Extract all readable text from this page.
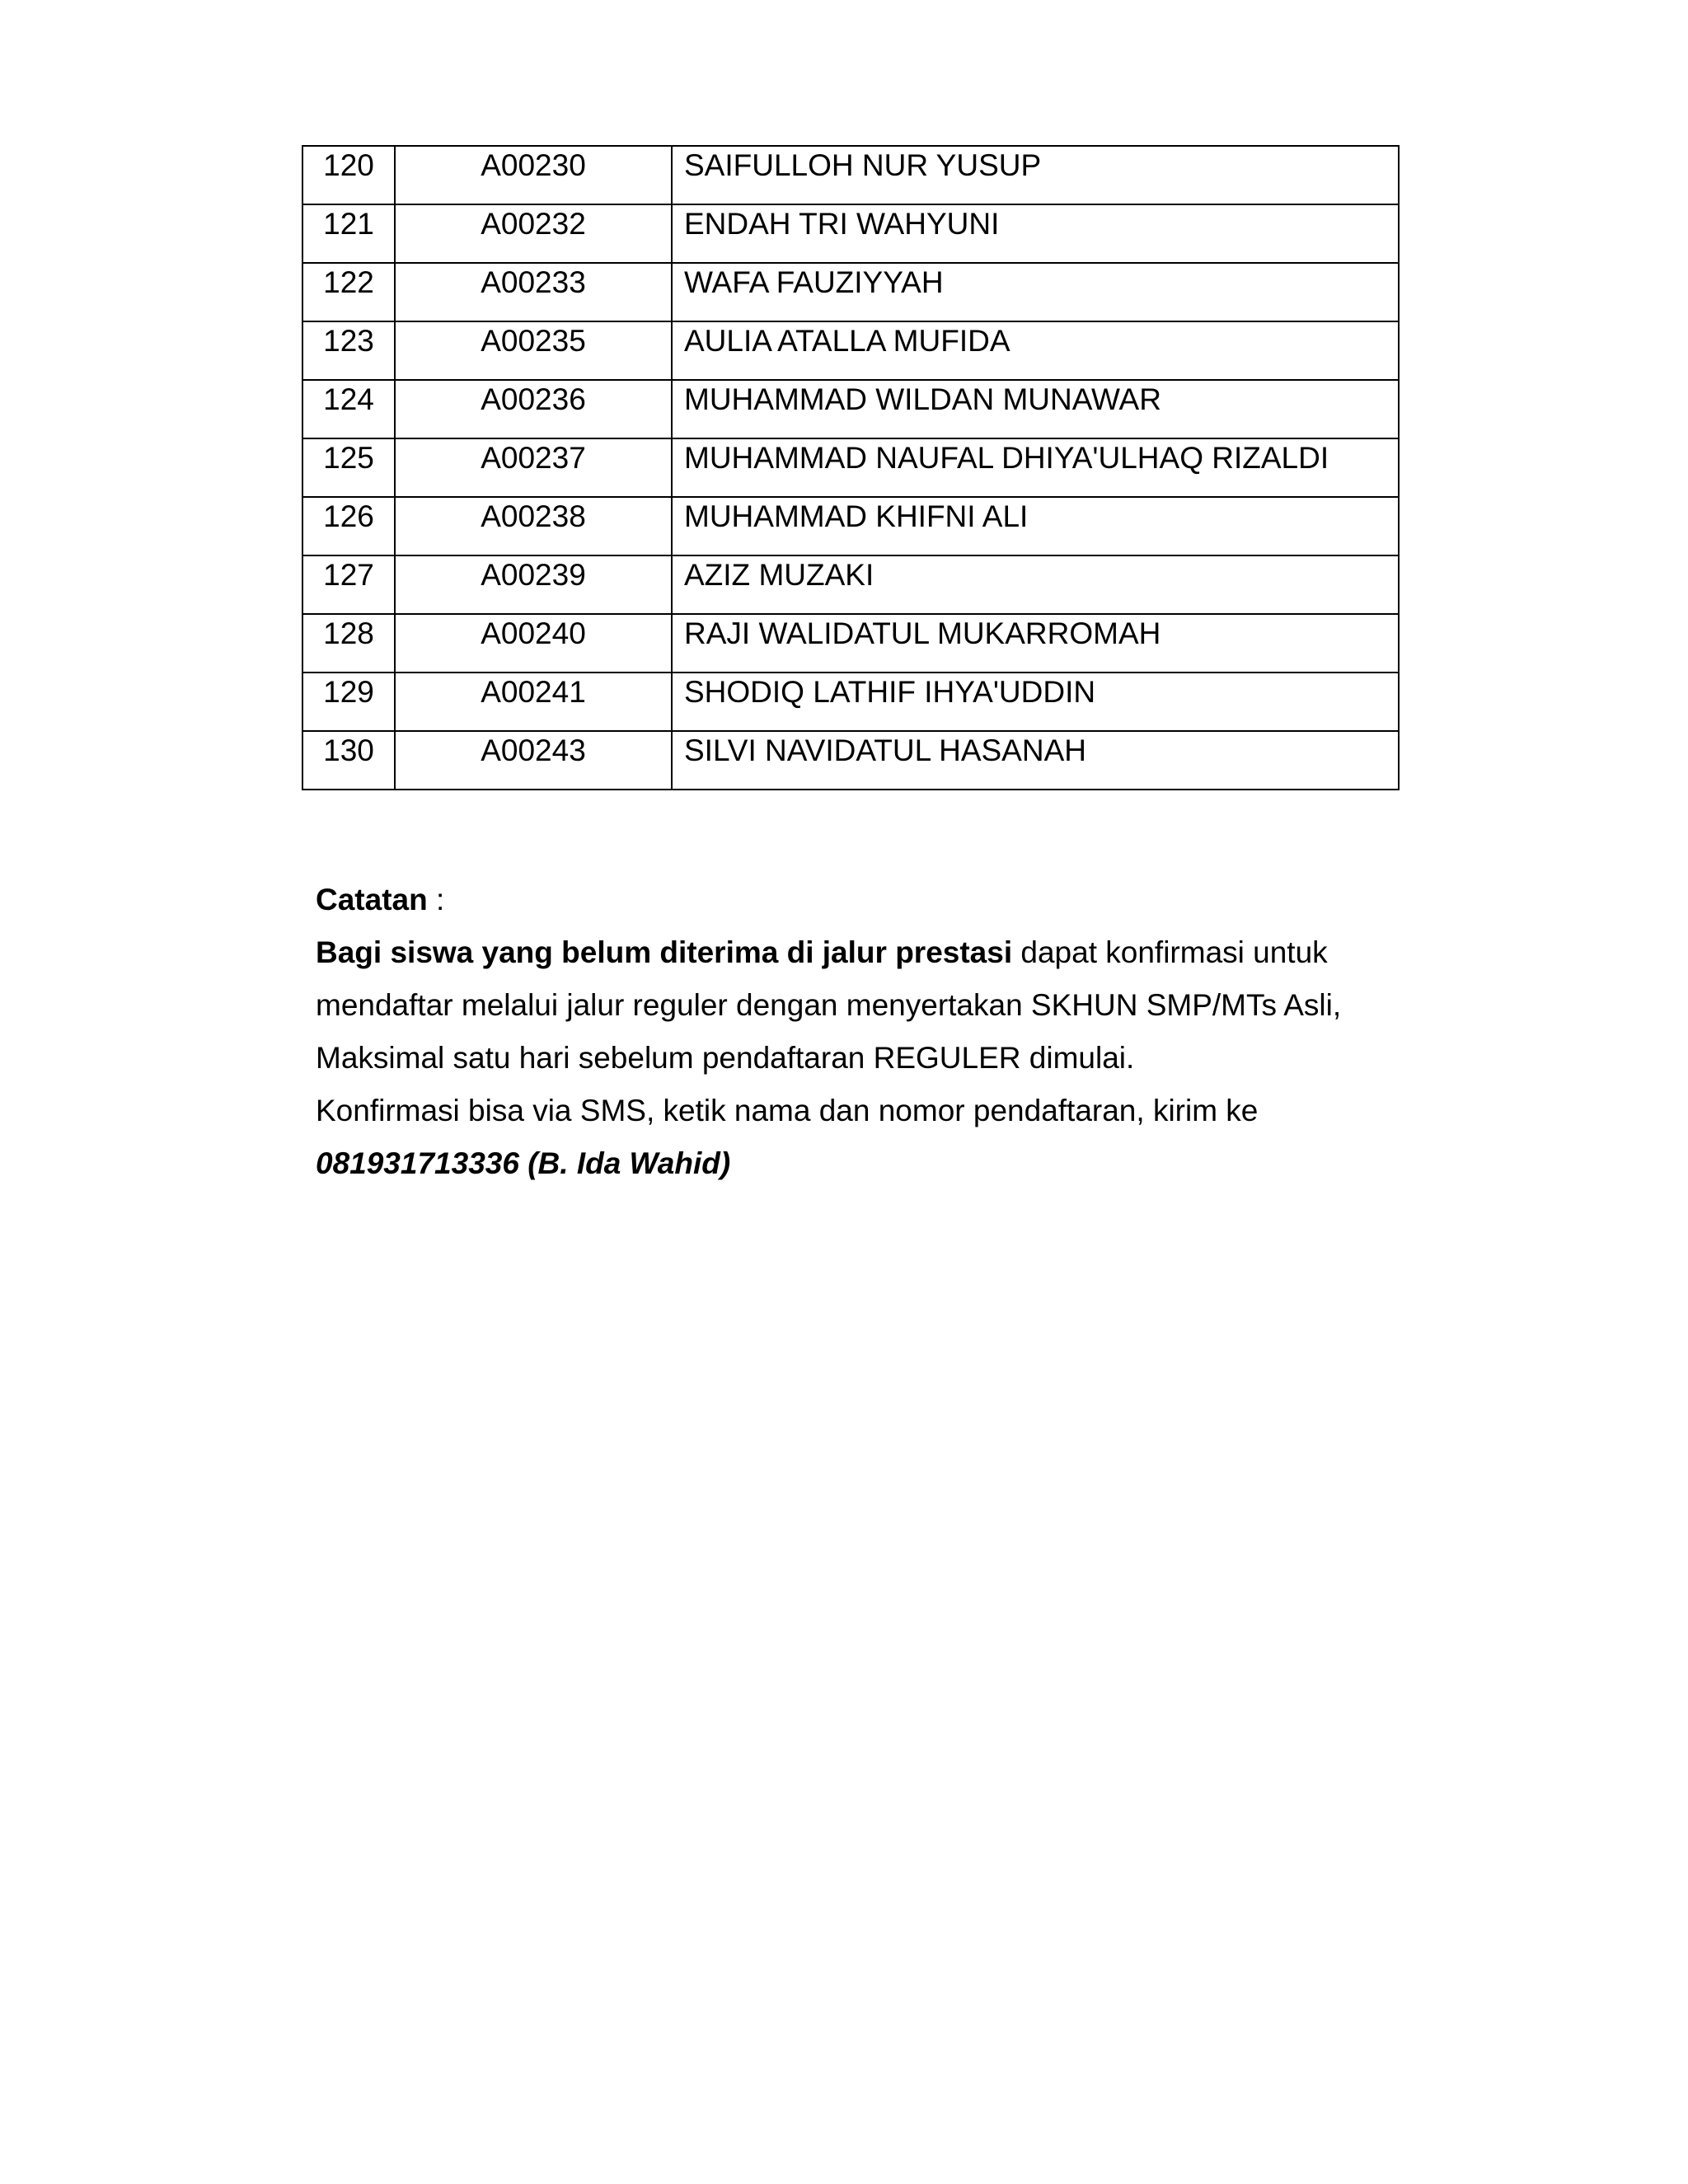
120	A00230	SAIFULLOH NUR YUSUP
121	A00232	ENDAH TRI WAHYUNI
122	A00233	WAFA FAUZIYYAH
123	A00235	AULIA ATALLA MUFIDA
124	A00236	MUHAMMAD WILDAN MUNAWAR
125	A00237	MUHAMMAD NAUFAL DHIYA'ULHAQ RIZALDI
126	A00238	MUHAMMAD KHIFNI ALI
127	A00239	AZIZ MUZAKI
128	A00240	RAJI WALIDATUL MUKARROMAH
129	A00241	SHODIQ LATHIF IHYA'UDDIN
130	A00243	SILVI NAVIDATUL HASANAH

Catatan :

Bagi siswa yang belum diterima di jalur prestasi dapat konfirmasi untuk

mendaftar melalui jalur reguler dengan menyertakan SKHUN SMP/MTs Asli,

Maksimal satu hari sebelum pendaftaran REGULER dimulai.

Konfirmasi bisa via SMS, ketik nama dan nomor pendaftaran, kirim ke

081931713336 (B. Ida Wahid)
